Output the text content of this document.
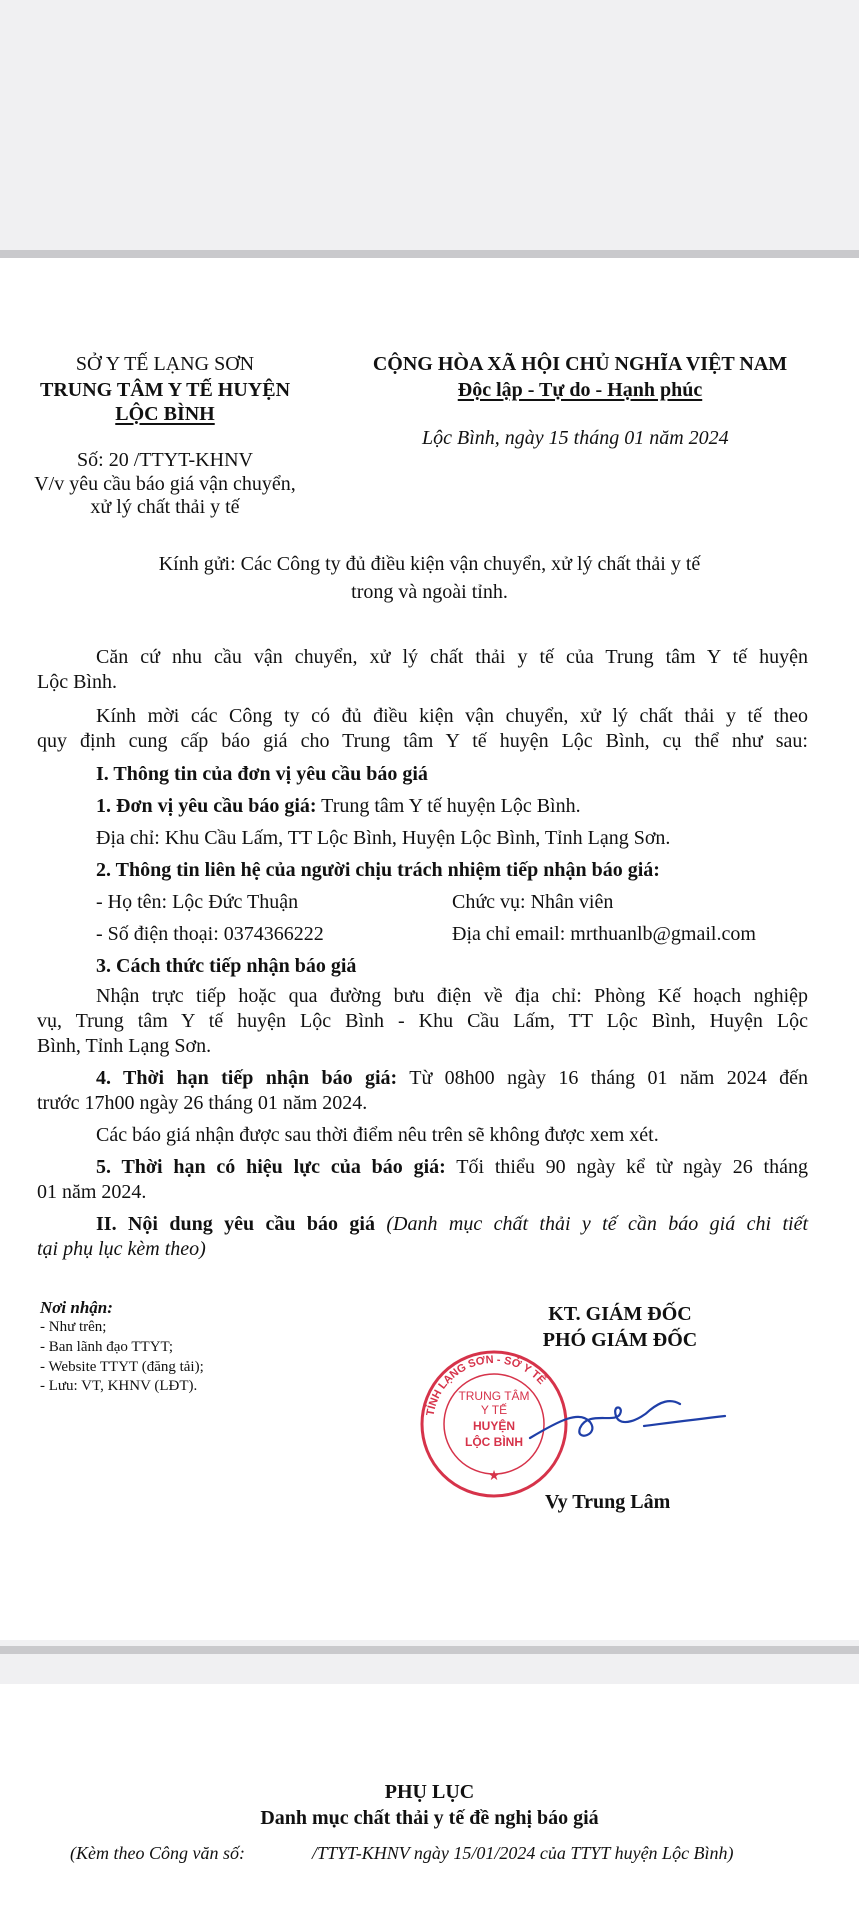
SỞ Y TẾ LẠNG SƠN
TRUNG TÂM Y TẾ HUYỆN
LỘC BÌNH
Số: 20 /TTYT-KHNV
V/v yêu cầu báo giá vận chuyển,
xử lý chất thải y tế
CỘNG HÒA XÃ HỘI CHỦ NGHĨA VIỆT NAM
Độc lập - Tự do - Hạnh phúc
Lộc Bình, ngày 15 tháng 01 năm 2024
Kính gửi: Các Công ty đủ điều kiện vận chuyển, xử lý chất thải y tế
trong và ngoài tỉnh.
Căn cứ nhu cầu vận chuyển, xử lý chất thải y tế của Trung tâm Y tế huyện
Lộc Bình.
Kính mời các Công ty có đủ điều kiện vận chuyển, xử lý chất thải y tế theo
quy định cung cấp báo giá cho Trung tâm Y tế huyện Lộc Bình, cụ thể như sau:
I. Thông tin của đơn vị yêu cầu báo giá
1. Đơn vị yêu cầu báo giá: Trung tâm Y tế huyện Lộc Bình.
Địa chỉ: Khu Cầu Lấm, TT Lộc Bình, Huyện Lộc Bình, Tỉnh Lạng Sơn.
2. Thông tin liên hệ của người chịu trách nhiệm tiếp nhận báo giá:
- Họ tên: Lộc Đức Thuận	Chức vụ: Nhân viên
- Số điện thoại: 0374366222	Địa chỉ email: mrthuanlb@gmail.com
3. Cách thức tiếp nhận báo giá
Nhận trực tiếp hoặc qua đường bưu điện về địa chỉ: Phòng Kế hoạch nghiệp
vụ, Trung tâm Y tế huyện Lộc Bình - Khu Cầu Lấm, TT Lộc Bình, Huyện Lộc
Bình, Tỉnh Lạng Sơn.
4. Thời hạn tiếp nhận báo giá: Từ 08h00 ngày 16 tháng 01 năm 2024 đến
trước 17h00 ngày 26 tháng 01 năm 2024.
Các báo giá nhận được sau thời điểm nêu trên sẽ không được xem xét.
5. Thời hạn có hiệu lực của báo giá: Tối thiểu 90 ngày kể từ ngày 26 tháng
01 năm 2024.
II. Nội dung yêu cầu báo giá (Danh mục chất thải y tế cần báo giá chi tiết
tại phụ lục kèm theo)
Nơi nhận:
- Như trên;
- Ban lãnh đạo TTYT;
- Website TTYT (đăng tải);
- Lưu: VT, KHNV (LĐT).
KT. GIÁM ĐỐC
PHÓ GIÁM ĐỐC
Vy Trung Lâm
TỈNH LẠNG SƠN - SỞ Y TẾ
TRUNG TÂM
Y TẾ
HUYỆN
LỘC BÌNH
★
PHỤ LỤC
Danh mục chất thải y tế đề nghị báo giá
(Kèm theo Công văn số:	/TTYT-KHNV ngày 15/01/2024 của TTYT huyện Lộc Bình)
